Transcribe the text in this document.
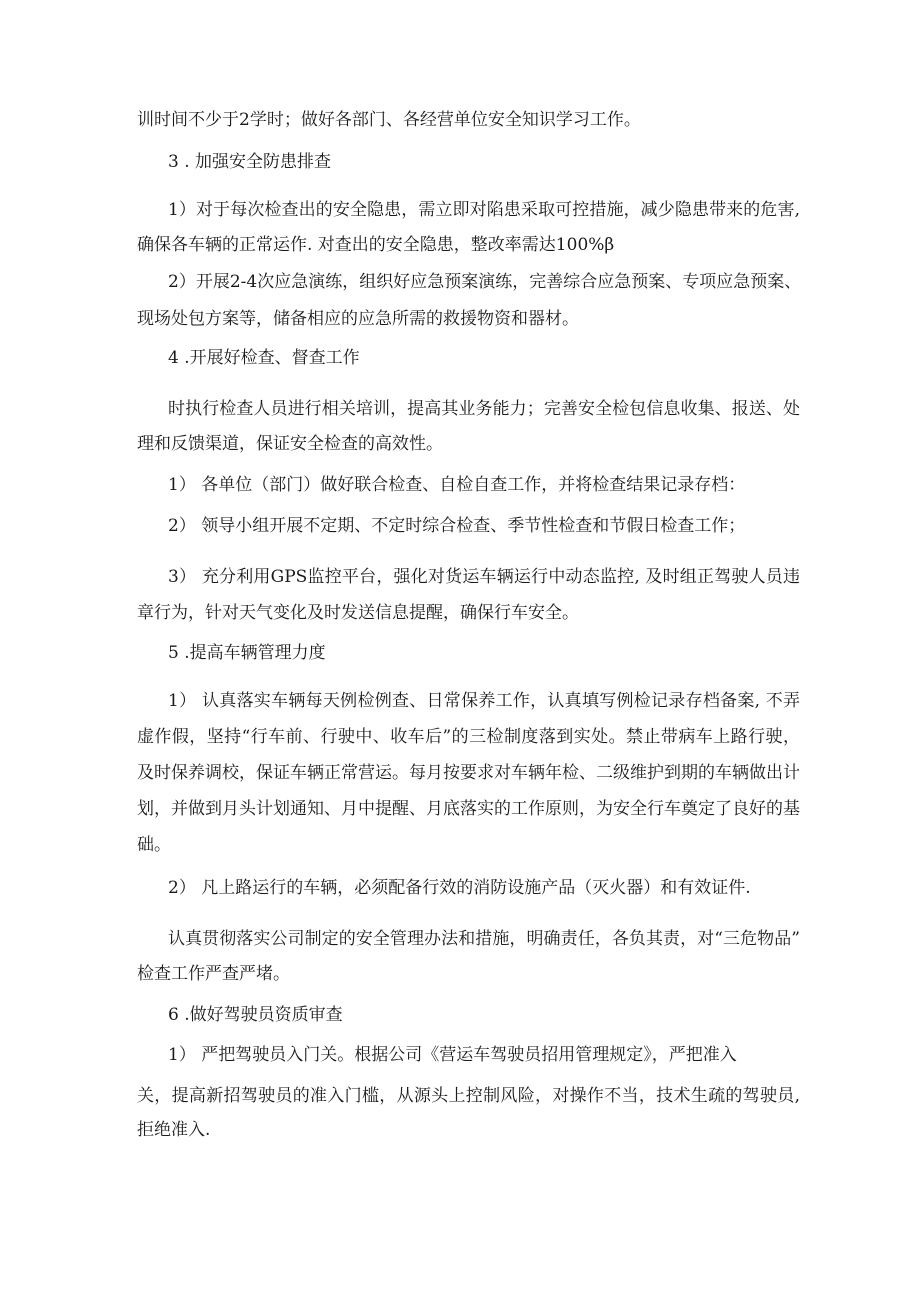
训时间不少于2学时；做好各部门、各经营单位安全知识学习工作。
3 . 加强安全防患排查
1）对于每次检查出的安全隐患，需立即对陷患采取可控措施，减少隐患带来的危害,
确保各车辆的正常运作. 对查出的安全隐患，整改率需达100%β
2）开展2-4次应急演练，组织好应急预案演练，完善综合应急预案、专项应急预案、
现场处包方案等，储备相应的应急所需的救援物资和器材。
4 .开展好检查、督查工作
时执行检查人员进行相关培训，提高其业务能力；完善安全检包信息收集、报送、处
理和反馈渠道，保证安全检查的高效性。
1） 各单位（部门）做好联合检查、自检自查工作，并将检查结果记录存档：
2） 领导小组开展不定期、不定时综合检查、季节性检查和节假日检查工作；
3） 充分利用GPS监控平台，强化对货运车辆运行中动态监控, 及时组正驾驶人员违
章行为，针对天气变化及时发送信息提醒，确保行车安全。
5 .提高车辆管理力度
1） 认真落实车辆每天例检例查、日常保养工作，认真填写例检记录存档备案, 不弄
虚作假，坚持“行车前、行驶中、收车后”的三检制度落到实处。禁止带病车上路行驶，
及时保养调校，保证车辆正常营运。每月按要求对车辆年检、二级维护到期的车辆做出计
划，并做到月头计划通知、月中提醒、月底落实的工作原则，为安全行车奠定了良好的基
础。
2） 凡上路运行的车辆，必须配备行效的消防设施产品（灭火器）和有效证件.
认真贯彻落实公司制定的安全管理办法和措施，明确责任，各负其责，对“三危物品”
检查工作严查严堵。
6 .做好驾驶员资质审查
1） 严把驾驶员入门关。根据公司《营运车驾驶员招用管理规定》，严把准入
关，提高新招驾驶员的准入门槛，从源头上控制风险，对操作不当，技术生疏的驾驶员,
拒绝准入.
